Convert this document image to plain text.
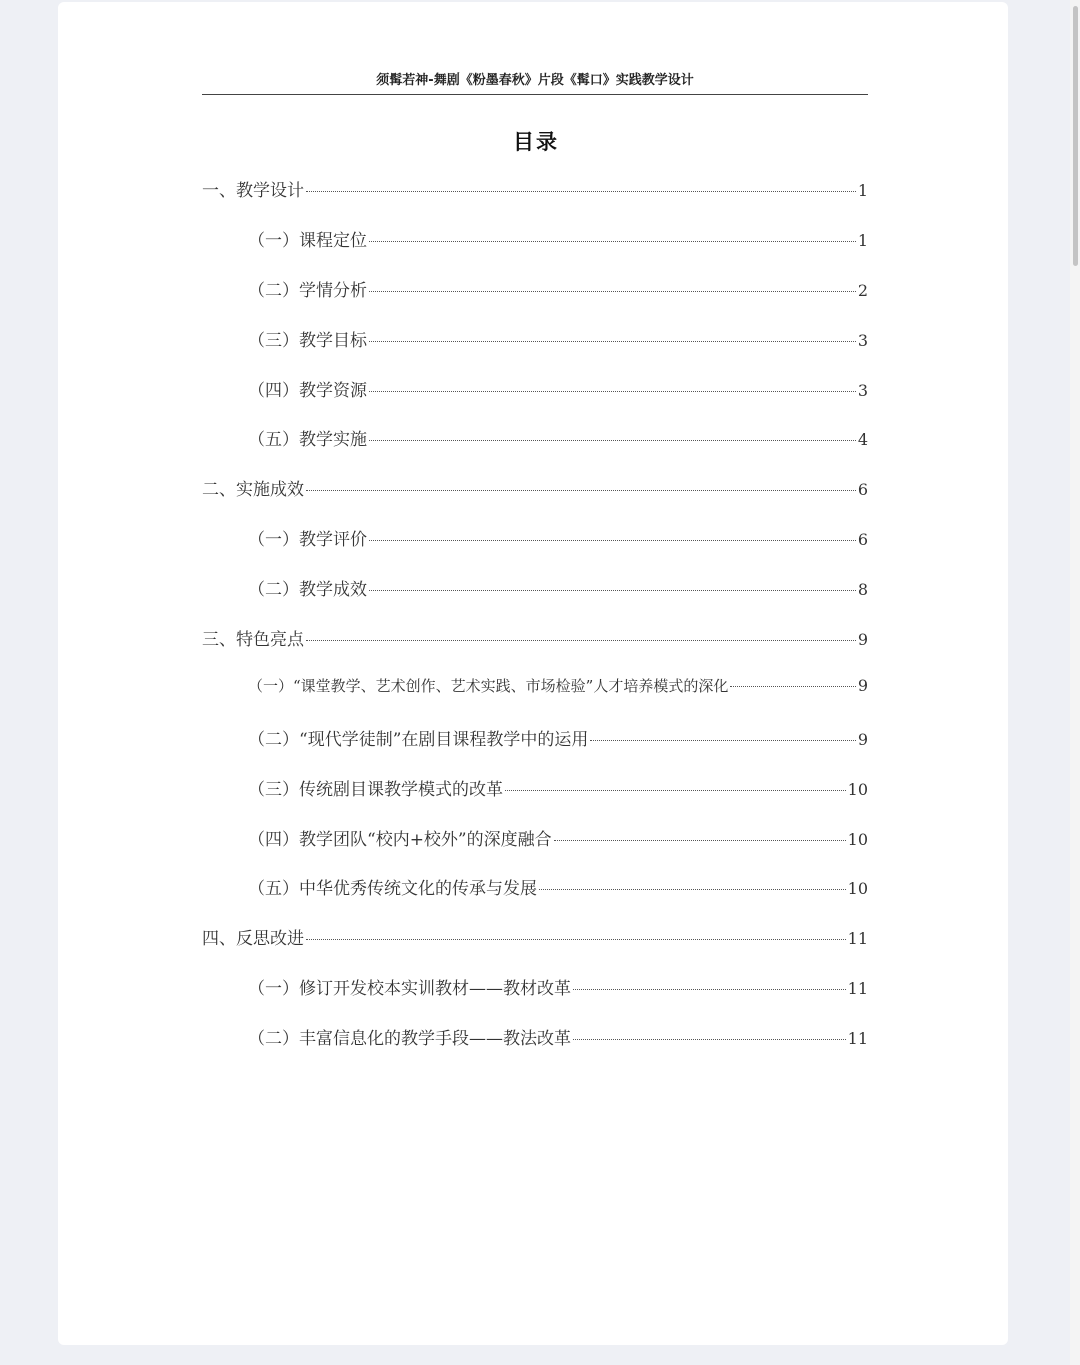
须髯若神-舞剧《粉墨春秋》片段《髯口》实践教学设计
目录
一、教学设计	1
（一）课程定位	1
（二）学情分析	2
（三）教学目标	3
（四）教学资源	3
（五）教学实施	4
二、实施成效	6
（一）教学评价	6
（二）教学成效	8
三、特色亮点	9
（一）“课堂教学、艺术创作、艺术实践、市场检验”人才培养模式的深化	9
（二）“现代学徒制”在剧目课程教学中的运用	9
（三）传统剧目课教学模式的改革	10
（四）教学团队“校内+校外”的深度融合	10
（五）中华优秀传统文化的传承与发展	10
四、反思改进	11
（一）修订开发校本实训教材——教材改革	11
（二）丰富信息化的教学手段——教法改革	11
